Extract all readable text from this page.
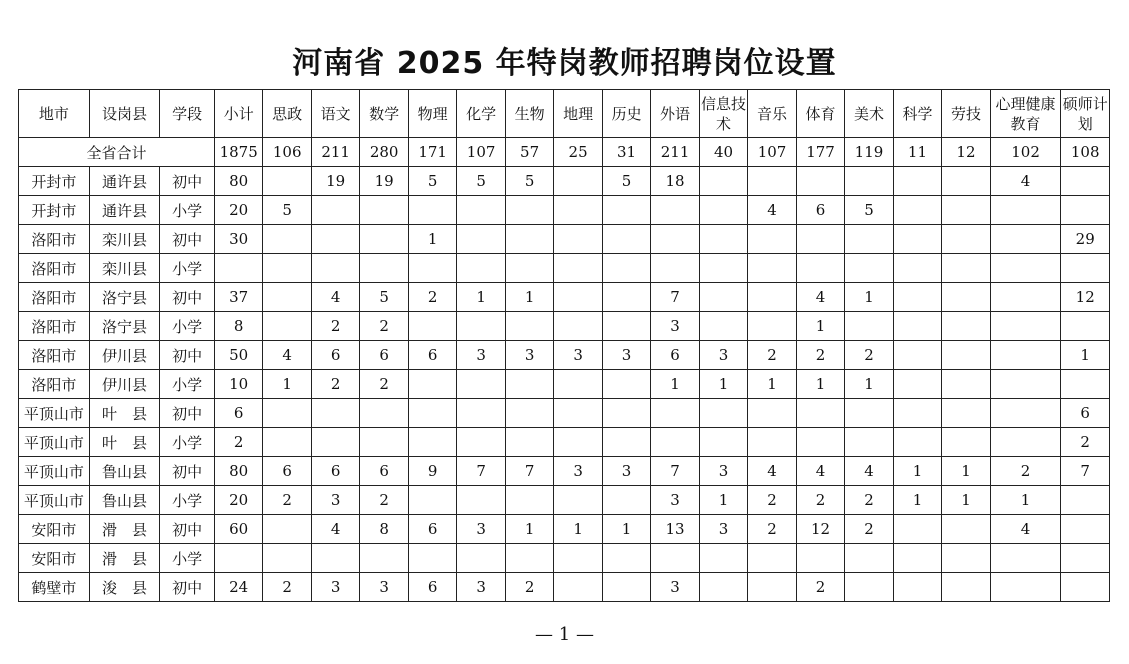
河南省 2025 年特岗教师招聘岗位设置
地市	设岗县	学段	小计	思政	语文	数学	物理	化学	生物	地理	历史	外语	信息技术	音乐	体育	美术	科学	劳技	心理健康教育	硕师计划
全省合计			1875	106	211	280	171	107	57	25	31	211	40	107	177	119	11	12	102	108
开封市	通许县	初中	80		19	19	5	5	5		5	18							4	
开封市	通许县	小学	20	5										4	6	5				
洛阳市	栾川县	初中	30				1													29
洛阳市	栾川县	小学																		
洛阳市	洛宁县	初中	37		4	5	2	1	1			7			4	1				12
洛阳市	洛宁县	小学	8		2	2						3			1					
洛阳市	伊川县	初中	50	4	6	6	6	3	3	3	3	6	3	2	2	2				1
洛阳市	伊川县	小学	10	1	2	2						1	1	1	1	1				
平顶山市	叶　县	初中	6																	6
平顶山市	叶　县	小学	2																	2
平顶山市	鲁山县	初中	80	6	6	6	9	7	7	3	3	7	3	4	4	4	1	1	2	7
平顶山市	鲁山县	小学	20	2	3	2						3	1	2	2	2	1	1	1	
安阳市	滑　县	初中	60		4	8	6	3	1	1	1	13	3	2	12	2			4	
安阳市	滑　县	小学																		
鹤壁市	浚　县	初中	24	2	3	3	6	3	2			3			2					
— 1 —
